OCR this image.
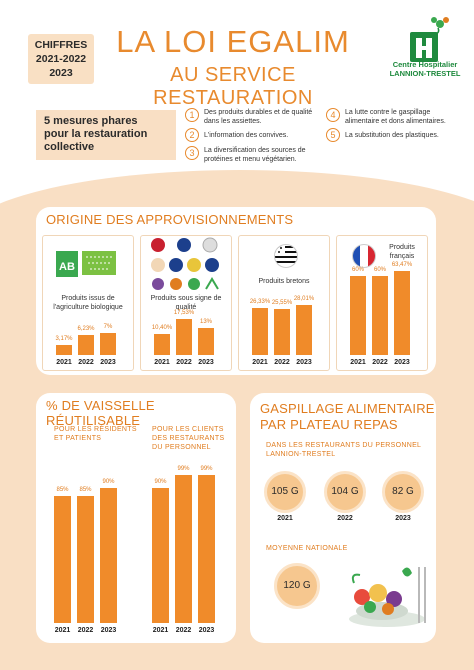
CHIFFRES
2021-2022
2023
LA LOI EGALIM
AU SERVICE RESTAURATION
Centre Hospitalier
LANNION-TRESTEL
5 mesures phares
pour la restauration
collective
1	Des produits durables et de qualité dans les assiettes.
2	L'information des convives.
3	La diversification des sources de protéines et menu végétarien.
4	La lutte contre le gaspillage alimentaire et dons alimentaires.
5	La substitution des plastiques.
ORIGINE DES APPROVISIONNEMENTS
AB
Produits issus de l'agriculture biologique
Produits sous signe de qualité
Produits bretons
Produits français
3,17%
2021
6,23%
2022
7%
2023
10,40%
2021
17,53%
2022
13%
2023
26,33%
2021
25,55%
2022
28,01%
2023
60%
2021
60%
2022
63,47%
2023
% DE VAISSELLE RÉUTILISABLE
POUR LES RÉSIDENTS
ET PATIENTS
POUR LES CLIENTS
DES RESTAURANTS
DU PERSONNEL
85%
2021
85%
2022
90%
2023
90%
2021
99%
2022
99%
2023
GASPILLAGE ALIMENTAIRE
PAR PLATEAU REPAS
DANS LES RESTAURANTS DU PERSONNEL
LANNION-TRESTEL
105 G	104 G	82 G
2021	2022	2023
MOYENNE NATIONALE
120 G
